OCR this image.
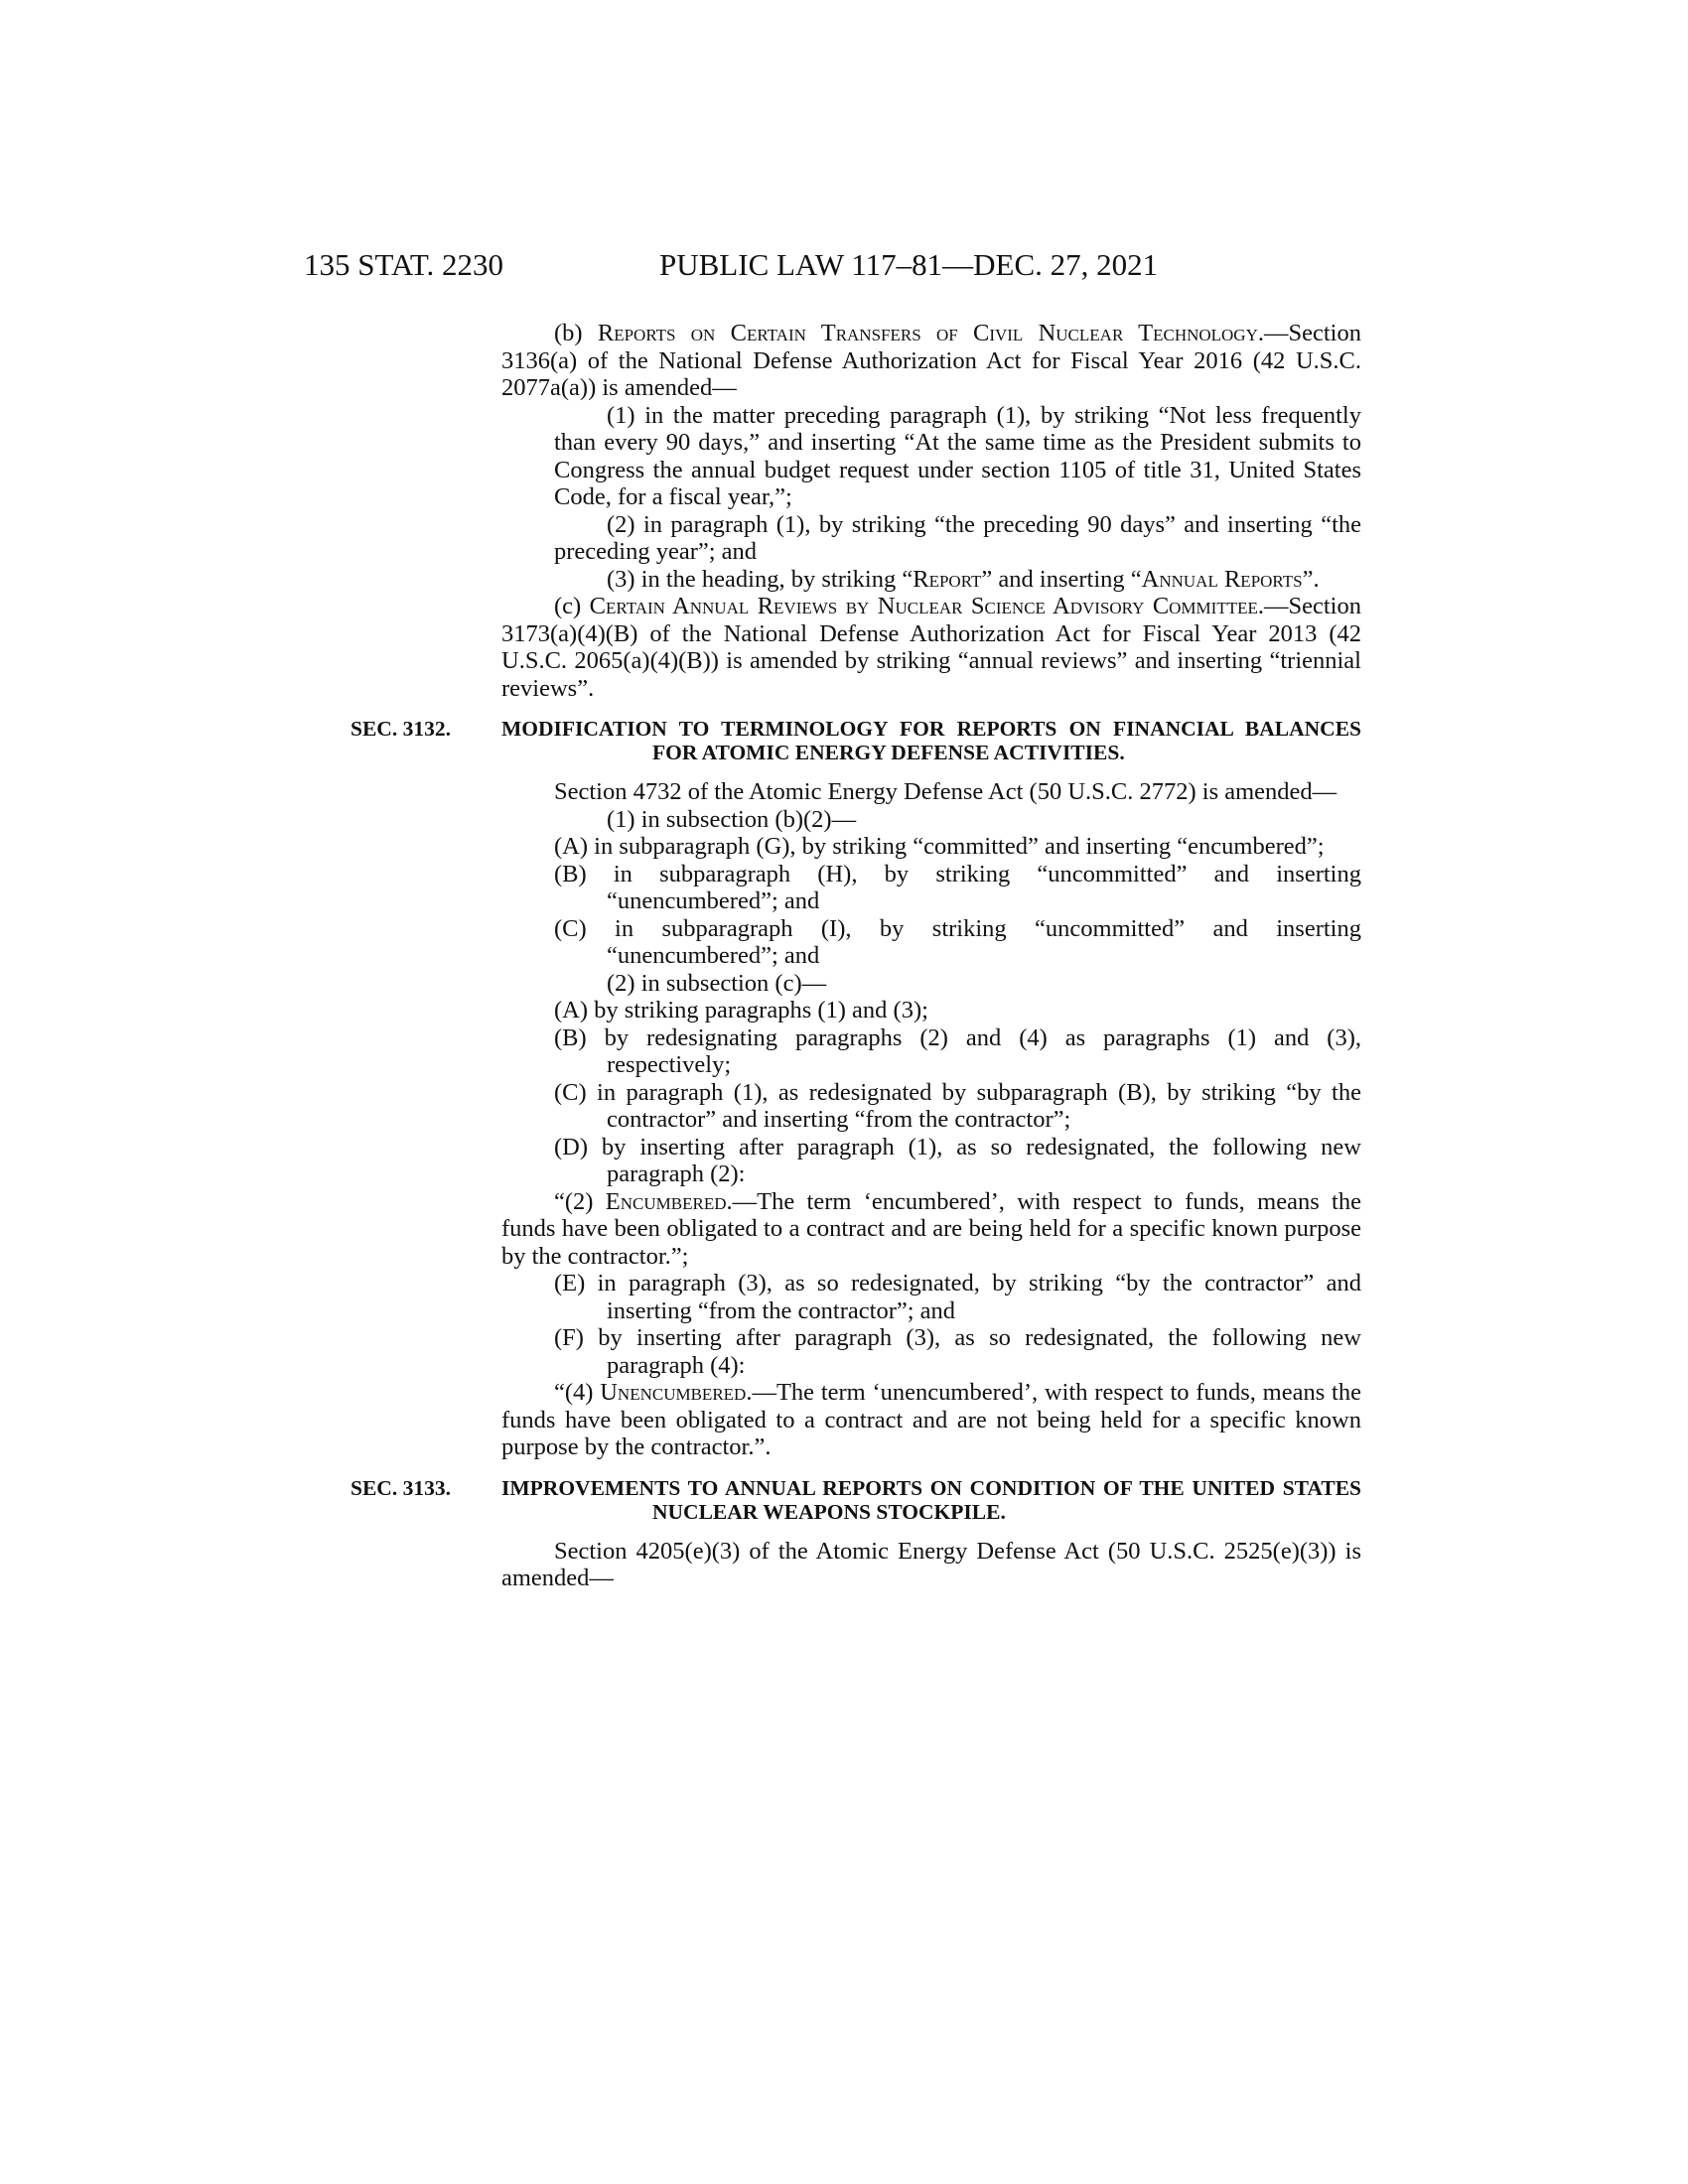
135 STAT. 2230	PUBLIC LAW 117–81—DEC. 27, 2021

(b) Reports on Certain Transfers of Civil Nuclear Technology.—Section 3136(a) of the National Defense Authorization Act for Fiscal Year 2016 (42 U.S.C. 2077a(a)) is amended—

(1) in the matter preceding paragraph (1), by striking “Not less frequently than every 90 days,” and inserting “At the same time as the President submits to Congress the annual budget request under section 1105 of title 31, United States Code, for a fiscal year,”;

(2) in paragraph (1), by striking “the preceding 90 days” and inserting “the preceding year”; and

(3) in the heading, by striking “Report” and inserting “Annual Reports”.

(c) Certain Annual Reviews by Nuclear Science Advisory Committee.—Section 3173(a)(4)(B) of the National Defense Authorization Act for Fiscal Year 2013 (42 U.S.C. 2065(a)(4)(B)) is amended by striking “annual reviews” and inserting “triennial reviews”.

SEC. 3132.MODIFICATION TO TERMINOLOGY FOR REPORTS ON FINANCIAL BALANCES FOR ATOMIC ENERGY DEFENSE ACTIVITIES.

Section 4732 of the Atomic Energy Defense Act (50 U.S.C. 2772) is amended—

(1) in subsection (b)(2)—

(A) in subparagraph (G), by striking “committed” and inserting “encumbered”;

(B) in subparagraph (H), by striking “uncommitted” and inserting “unencumbered”; and

(C) in subparagraph (I), by striking “uncommitted” and inserting “unencumbered”; and

(2) in subsection (c)—

(A) by striking paragraphs (1) and (3);

(B) by redesignating paragraphs (2) and (4) as paragraphs (1) and (3), respectively;

(C) in paragraph (1), as redesignated by subparagraph (B), by striking “by the contractor” and inserting “from the contractor”;

(D) by inserting after paragraph (1), as so redesignated, the following new paragraph (2):

“(2) Encumbered.—The term ‘encumbered’, with respect to funds, means the funds have been obligated to a contract and are being held for a specific known purpose by the contractor.”;

(E) in paragraph (3), as so redesignated, by striking “by the contractor” and inserting “from the contractor”; and

(F) by inserting after paragraph (3), as so redesignated, the following new paragraph (4):

“(4) Unencumbered.—The term ‘unencumbered’, with respect to funds, means the funds have been obligated to a contract and are not being held for a specific known purpose by the contractor.”.

SEC. 3133.IMPROVEMENTS TO ANNUAL REPORTS ON CONDITION OF THE UNITED STATES NUCLEAR WEAPONS STOCKPILE.

Section 4205(e)(3) of the Atomic Energy Defense Act (50 U.S.C. 2525(e)(3)) is amended—
